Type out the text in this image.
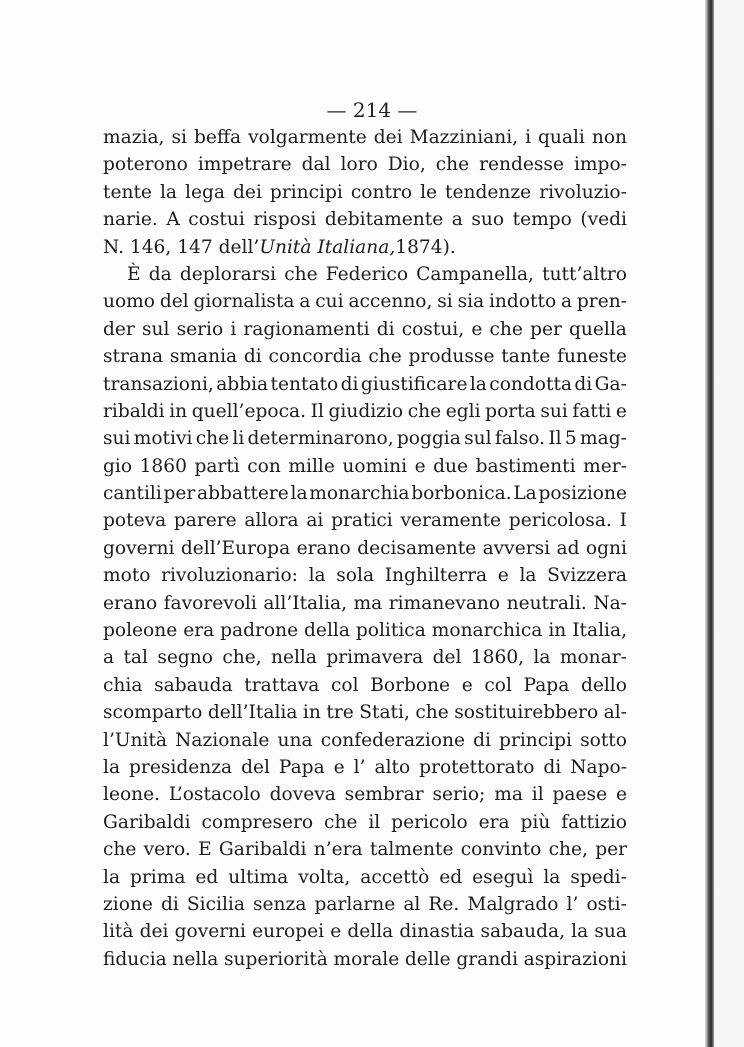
— 214 —
mazia, si beffa volgarmente dei Mazziniani, i quali non
poterono impetrare dal loro Dio, che rendesse impo-
tente la lega dei principi contro le tendenze rivoluzio-
narie. A costui risposi debitamente a suo tempo (vedi
N. 146, 147 dell’ Unità Italiana, 1874).
È da deplorarsi che Federico Campanella, tutt’altro
uomo del giornalista a cui accenno, si sia indotto a pren-
der sul serio i ragionamenti di costui, e che per quella
strana smania di concordia che produsse tante funeste
transazioni, abbia tentato di giustificare la condotta di Ga-
ribaldi in quell’epoca. Il giudizio che egli porta sui fatti e
sui motivi che li determinarono, poggia sul falso. Il 5 mag-
gio 1860 partì con mille uomini e due bastimenti mer-
cantili per abbattere la monarchia borbonica. La posizione
poteva parere allora ai pratici veramente pericolosa. I
governi dell’Europa erano decisamente avversi ad ogni
moto rivoluzionario: la sola Inghilterra e la Svizzera
erano favorevoli all’Italia, ma rimanevano neutrali. Na-
poleone era padrone della politica monarchica in Italia,
a tal segno che, nella primavera del 1860, la monar-
chia sabauda trattava col Borbone e col Papa dello
scomparto dell’Italia in tre Stati, che sostituirebbero al-
l’Unità Nazionale una confederazione di principi sotto
la presidenza del Papa e l’ alto protettorato di Napo-
leone. L’ostacolo doveva sembrar serio; ma il paese e
Garibaldi compresero che il pericolo era più fattizio
che vero. E Garibaldi n’era talmente convinto che, per
la prima ed ultima volta, accettò ed eseguì la spedi-
zione di Sicilia senza parlarne al Re. Malgrado l’ osti-
lità dei governi europei e della dinastia sabauda, la sua
fiducia nella superiorità morale delle grandi aspirazioni
